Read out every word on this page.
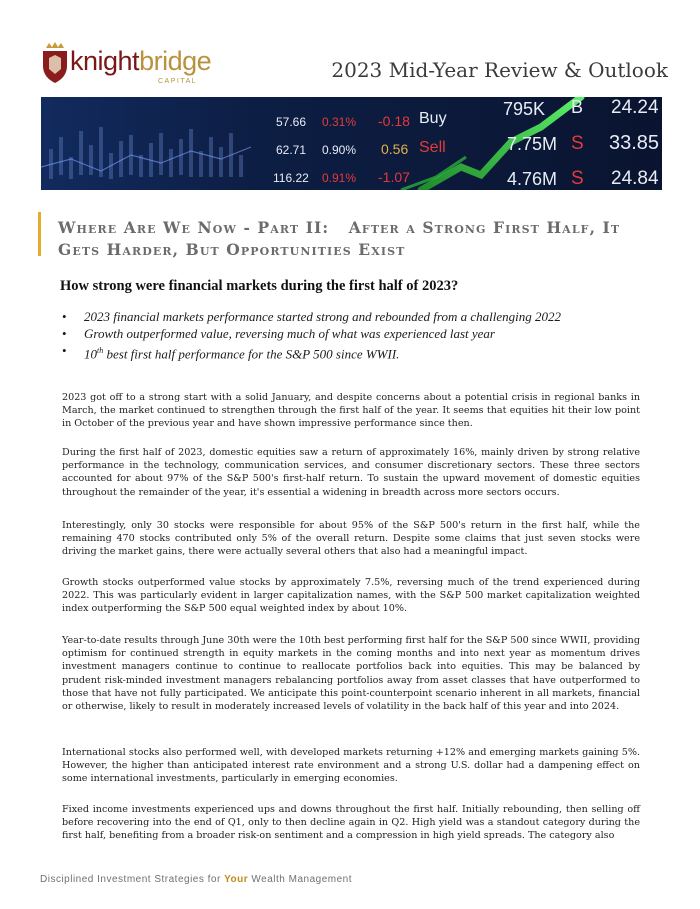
knightbridge
CAPITAL	2023 Mid-Year Review & Outlook
57.66 0.31% -0.18 Buy
62.71 0.90% 0.56 Sell
116.22 0.91% -1.07
795K B 24.24
7.75M S 33.85
4.76M S 24.84
Where Are We Now - Part II:   After a Strong First Half, It
Gets Harder, But Opportunities Exist
How strong were financial markets during the first half of 2023?
• 2023 financial markets performance started strong and rebounded from a challenging 2022
• Growth outperformed value, reversing much of what was experienced last year
• 10th best first half performance for the S&P 500 since WWII.

2023 got off to a strong start with a solid January, and despite concerns about a potential crisis in regional banks in March, the market continued to strengthen through the first half of the year. It seems that equities hit their low point in October of the previous year and have shown impressive performance since then.

During the first half of 2023, domestic equities saw a return of approximately 16%, mainly driven by strong relative performance in the technology, communication services, and consumer discretionary sectors. These three sectors accounted for about 97% of the S&P 500's first-half return. To sustain the upward movement of domestic equities throughout the remainder of the year, it's essential a widening in breadth across more sectors occurs.

Interestingly, only 30 stocks were responsible for about 95% of the S&P 500's return in the first half, while the remaining 470 stocks contributed only 5% of the overall return. Despite some claims that just seven stocks were driving the market gains, there were actually several others that also had a meaningful impact.

Growth stocks outperformed value stocks by approximately 7.5%, reversing much of the trend experienced during 2022. This was particularly evident in larger capitalization names, with the S&P 500 market capitalization weighted index outperforming the S&P 500 equal weighted index by about 10%.

Year-to-date results through June 30th were the 10th best performing first half for the S&P 500 since WWII, providing optimism for continued strength in equity markets in the coming months and into next year as momentum drives investment managers continue to continue to reallocate portfolios back into equities. This may be balanced by prudent risk-minded investment managers rebalancing portfolios away from asset classes that have outperformed to those that have not fully participated. We anticipate this point-counterpoint scenario inherent in all markets, financial or otherwise, likely to result in moderately increased levels of volatility in the back half of this year and into 2024.

International stocks also performed well, with developed markets returning +12% and emerging markets gaining 5%. However, the higher than anticipated interest rate environment and a strong U.S. dollar had a dampening effect on some international investments, particularly in emerging economies.

Fixed income investments experienced ups and downs throughout the first half. Initially rebounding, then selling off before recovering into the end of Q1, only to then decline again in Q2. High yield was a standout category during the first half, benefiting from a broader risk-on sentiment and a compression in high yield spreads. The category also

Disciplined Investment Strategies for Your Wealth Management
